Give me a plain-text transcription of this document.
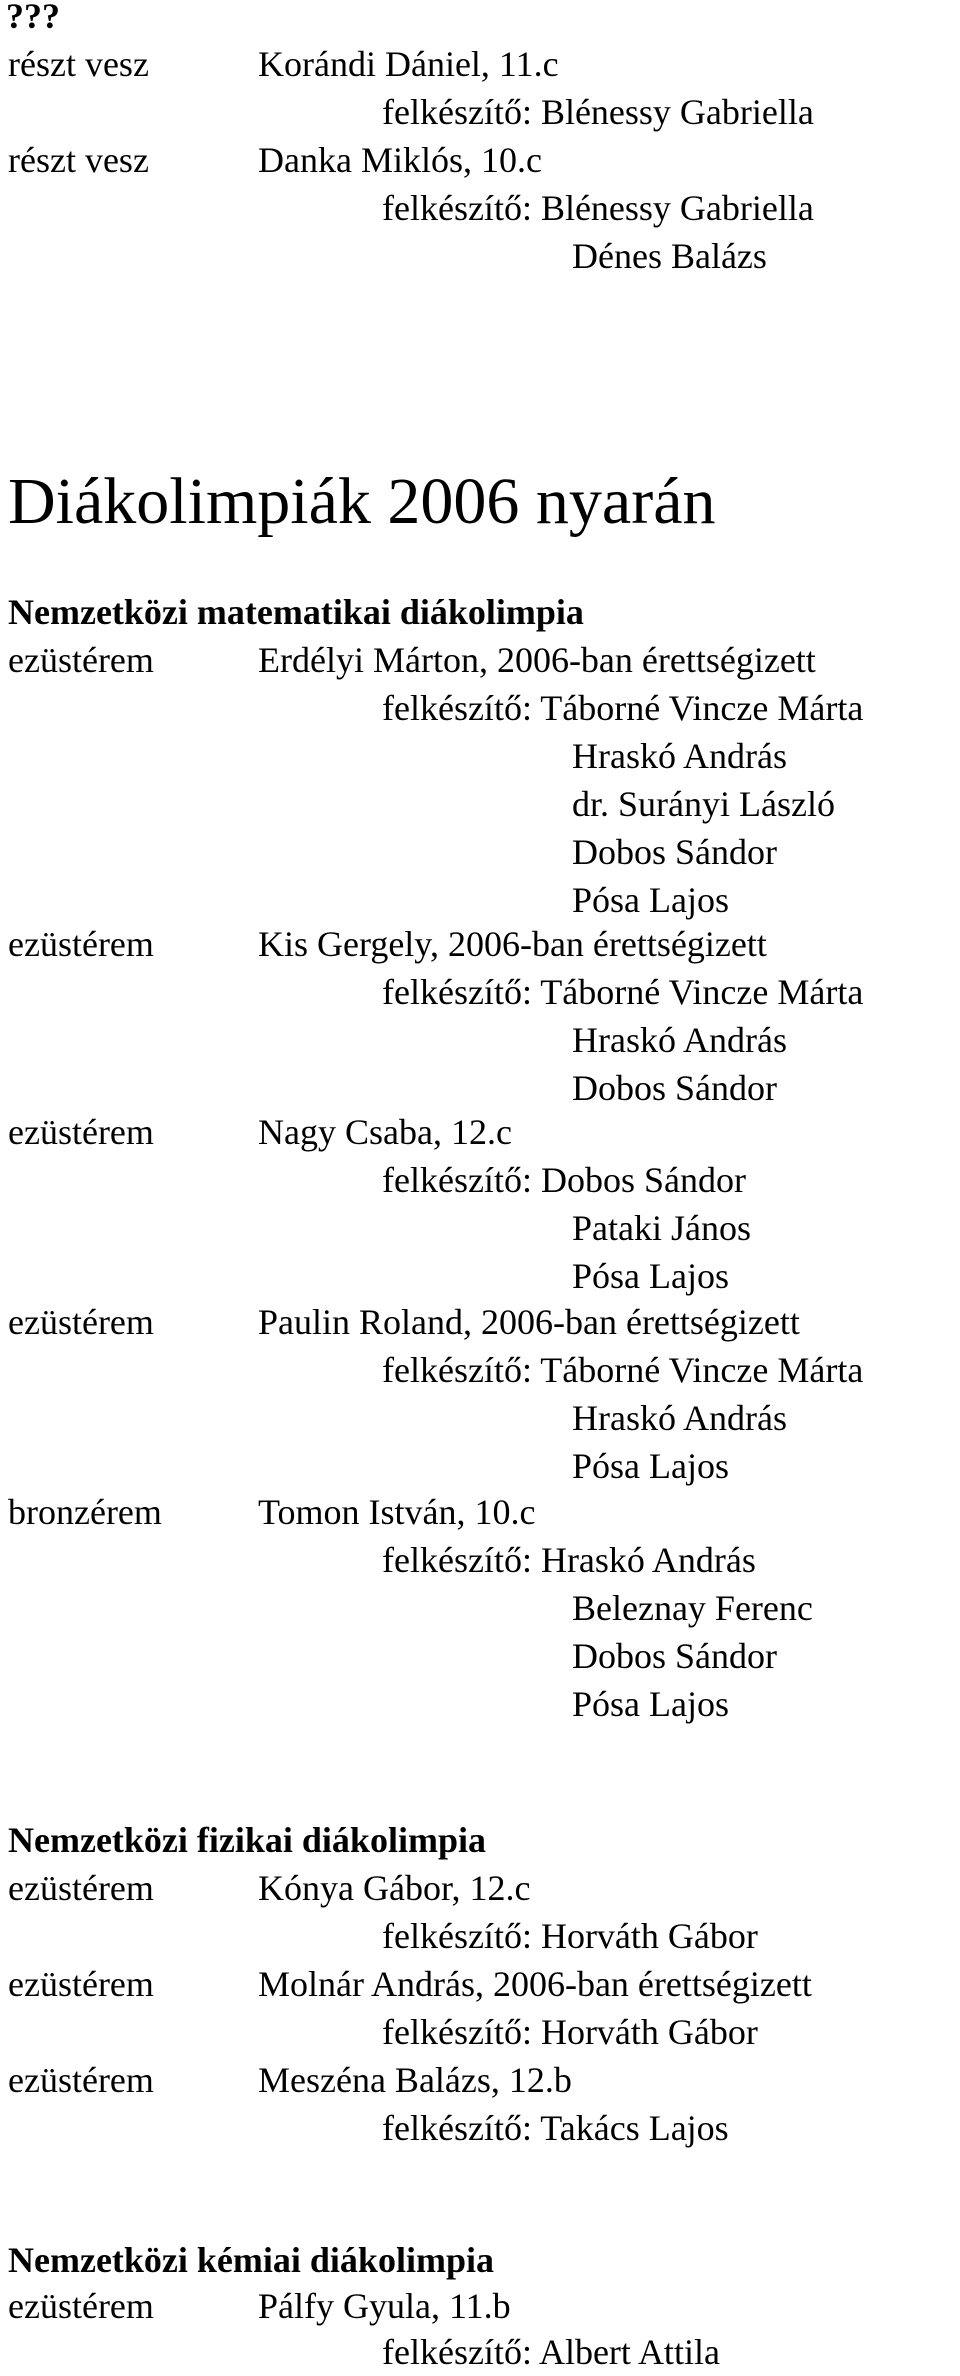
???
részt vesz	Korándi Dániel, 11.c
felkészítő: Blénessy Gabriella
részt vesz	Danka Miklós, 10.c
felkészítő: Blénessy Gabriella
Dénes Balázs
Diákolimpiák 2006 nyarán
Nemzetközi matematikai diákolimpia
ezüstérem	Erdélyi Márton, 2006-ban érettségizett
felkészítő: Táborné Vincze Márta
Hraskó András
dr. Surányi László
Dobos Sándor
Pósa Lajos
ezüstérem	Kis Gergely, 2006-ban érettségizett
felkészítő: Táborné Vincze Márta
Hraskó András
Dobos Sándor
ezüstérem	Nagy Csaba, 12.c
felkészítő: Dobos Sándor
Pataki János
Pósa Lajos
ezüstérem	Paulin Roland, 2006-ban érettségizett
felkészítő: Táborné Vincze Márta
Hraskó András
Pósa Lajos
bronzérem	Tomon István, 10.c
felkészítő: Hraskó András
Beleznay Ferenc
Dobos Sándor
Pósa Lajos
Nemzetközi fizikai diákolimpia
ezüstérem	Kónya Gábor, 12.c
felkészítő: Horváth Gábor
ezüstérem	Molnár András, 2006-ban érettségizett
felkészítő: Horváth Gábor
ezüstérem	Meszéna Balázs, 12.b
felkészítő: Takács Lajos
Nemzetközi kémiai diákolimpia
ezüstérem	Pálfy Gyula, 11.b
felkészítő: Albert Attila
